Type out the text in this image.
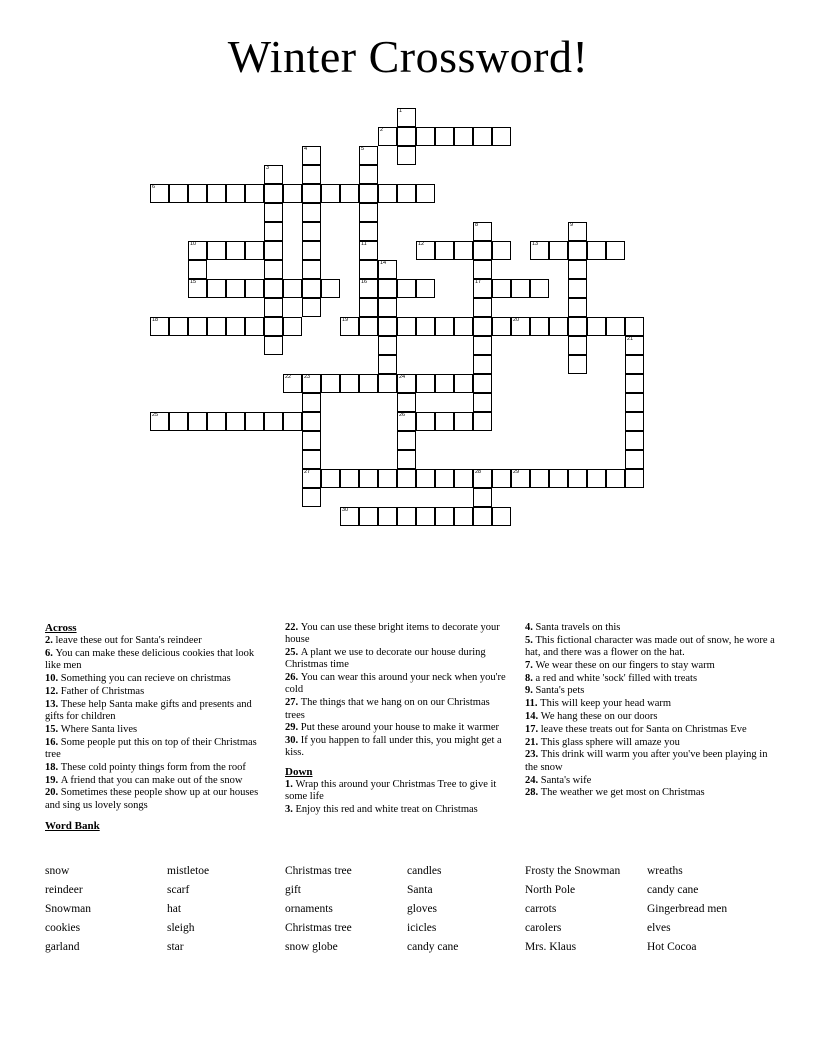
Winter Crossword!
1
2
4	5
3
6
8	9
10	11	12	13
14
15	16	17
18	19	20
21
22 23	24
25	26
27	28	29
30
Across
2. leave these out for Santa's reindeer
6. You can make these delicious cookies that look like men
10. Something you can recieve on christmas
12. Father of Christmas
13. These help Santa make gifts and presents and gifts for children
15. Where Santa lives
16. Some people put this on top of their Christmas tree
18. These cold pointy things form from the roof
19. A friend that you can make out of the snow
20. Sometimes these people show up at our houses and sing us lovely songs
Word Bank
22. You can use these bright items to decorate your house
25. A plant we use to decorate our house during Christmas time
26. You can wear this around your neck when you're cold
27. The things that we hang on on our Christmas trees
29. Put these around your house to make it warmer
30. If you happen to fall under this, you might get a kiss.
Down
1. Wrap this around your Christmas Tree to give it some life
3. Enjoy this red and white treat on Christmas
4. Santa travels on this
5. This fictional character was made out of snow, he wore a hat, and there was a flower on the hat.
7. We wear these on our fingers to stay warm
8. a red and white 'sock' filled with treats
9. Santa's pets
11. This will keep your head warm
14. We hang these on our doors
17. leave these treats out for Santa on Christmas Eve
21. This glass sphere will amaze you
23. This drink will warm you after you've been playing in the snow
24. Santa's wife
28. The weather we get most on Christmas
snow
reindeer
Snowman
cookies
garland
mistletoe
scarf
hat
sleigh
star
Christmas tree
gift
ornaments
Christmas tree
snow globe
candles
Santa
gloves
icicles
candy cane
Frosty the Snowman
North Pole
carrots
carolers
Mrs. Klaus
wreaths
candy cane
Gingerbread men
elves
Hot Cocoa
